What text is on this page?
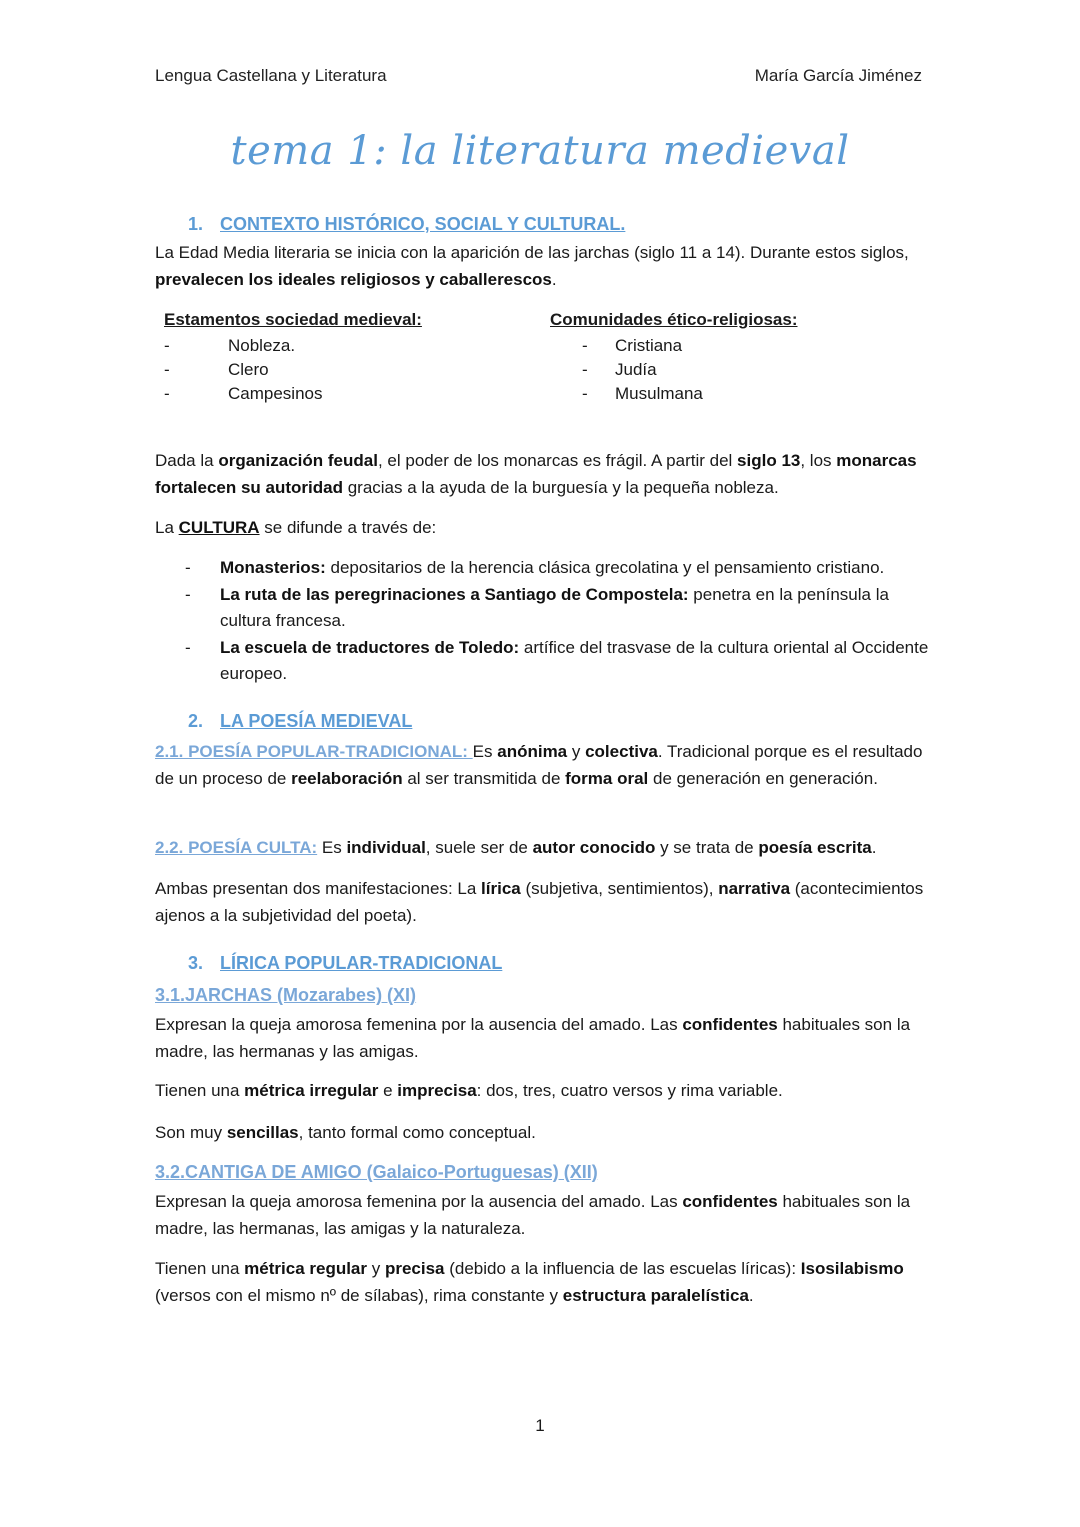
Lengua Castellana y Literatura	María García Jiménez
tema 1: la literatura medieval
1. CONTEXTO HISTÓRICO, SOCIAL Y CULTURAL.

La Edad Media literaria se inicia con la aparición de las jarchas (siglo 11 a 14). Durante estos siglos, prevalecen los ideales religiosos y caballerescos.

Estamentos sociedad medieval:
-	Nobleza.
-	Clero
-	Campesinos
Comunidades ético-religiosas:
- Cristiana
- Judía
- Musulmana

Dada la organización feudal, el poder de los monarcas es frágil. A partir del siglo 13, los monarcas fortalecen su autoridad gracias a la ayuda de la burguesía y la pequeña nobleza.

La CULTURA se difunde a través de:

- Monasterios: depositarios de la herencia clásica grecolatina y el pensamiento cristiano.
- La ruta de las peregrinaciones a Santiago de Compostela: penetra en la península la cultura francesa.
- La escuela de traductores de Toledo: artífice del trasvase de la cultura oriental al Occidente europeo.
2. LA POESÍA MEDIEVAL

2.1. POESÍA POPULAR-TRADICIONAL: Es anónima y colectiva. Tradicional porque es el resultado de un proceso de reelaboración al ser transmitida de forma oral de generación en generación.

2.2. POESÍA CULTA: Es individual, suele ser de autor conocido y se trata de poesía escrita.

Ambas presentan dos manifestaciones: La lírica (subjetiva, sentimientos), narrativa (acontecimientos ajenos a la subjetividad del poeta).

3. LÍRICA POPULAR-TRADICIONAL
3.1.JARCHAS (Mozarabes) (XI)

Expresan la queja amorosa femenina por la ausencia del amado. Las confidentes habituales son la madre, las hermanas y las amigas.

Tienen una métrica irregular e imprecisa: dos, tres, cuatro versos y rima variable.

Son muy sencillas, tanto formal como conceptual.

3.2.CANTIGA DE AMIGO (Galaico-Portuguesas) (XII)

Expresan la queja amorosa femenina por la ausencia del amado. Las confidentes habituales son la madre, las hermanas, las amigas y la naturaleza.

Tienen una métrica regular y precisa (debido a la influencia de las escuelas líricas): Isosilabismo (versos con el mismo nº de sílabas), rima constante y estructura paralelística.

1
